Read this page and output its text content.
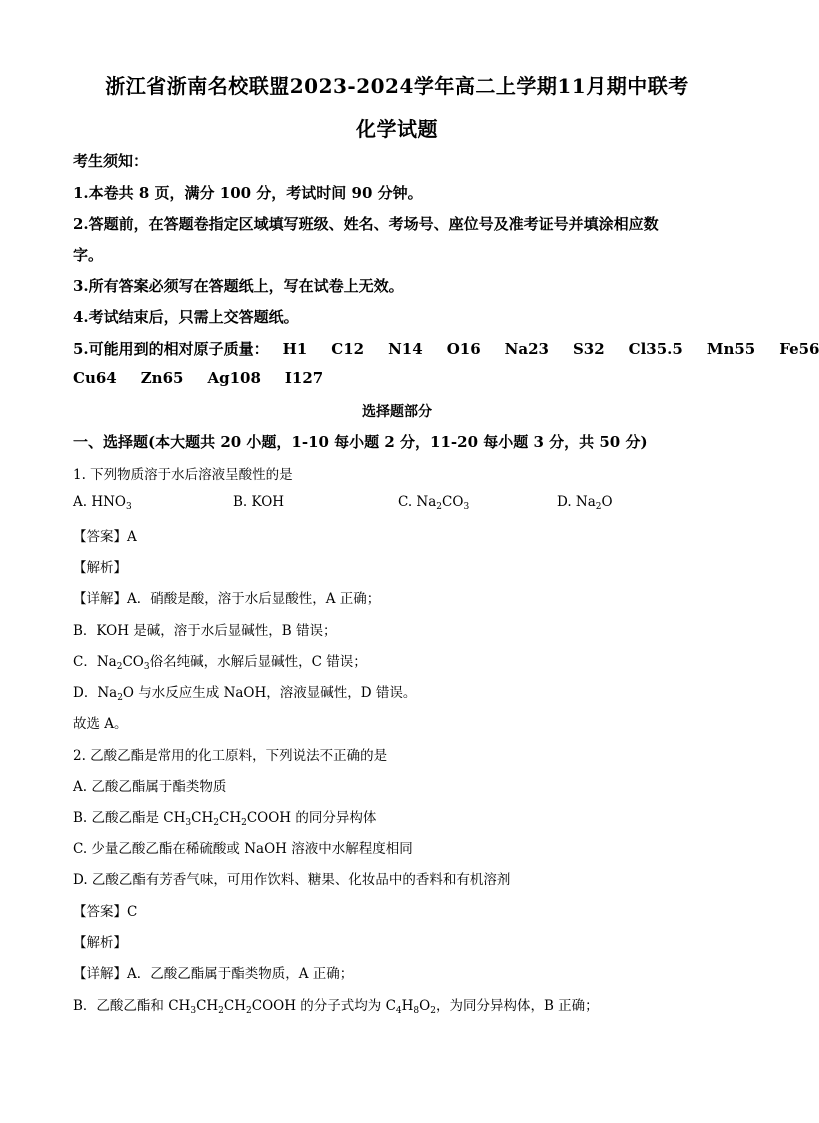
浙江省浙南名校联盟2023-2024学年高二上学期11月期中联考
化学试题
考生须知：
1.本卷共 8 页，满分 100 分，考试时间 90 分钟。
2.答题前，在答题卷指定区域填写班级、姓名、考场号、座位号及准考证号并填涂相应数
字。
3.所有答案必须写在答题纸上，写在试卷上无效。
4.考试结束后，只需上交答题纸。
5.可能用到的相对原子质量： H1 C12 N14 O16 Na23 S32 Cl35.5 Mn55 Fe56
Cu64 Zn65 Ag108 I127
选择题部分
一、选择题(本大题共 20 小题，1-10 每小题 2 分，11-20 每小题 3 分，共 50 分)
1. 下列物质溶于水后溶液呈酸性的是
A. $HNO_3$	B. KOH	C. $Na_2CO_3$	D. $Na_2O$
【答案】A
【解析】
【详解】A．硝酸是酸，溶于水后显酸性，A 正确；
B．KOH 是碱，溶于水后显碱性，B 错误；
C．$Na_2CO_3$俗名纯碱，水解后显碱性，C 错误；
D．$Na_2O$ 与水反应生成 NaOH，溶液显碱性，D 错误。
故选 A。
2. 乙酸乙酯是常用的化工原料，下列说法不正确的是
A. 乙酸乙酯属于酯类物质
B. 乙酸乙酯是 $CH_3CH_2CH_2COOH$ 的同分异构体
C. 少量乙酸乙酯在稀硫酸或 NaOH 溶液中水解程度相同
D. 乙酸乙酯有芳香气味，可用作饮料、糖果、化妆品中的香料和有机溶剂
【答案】C
【解析】
【详解】A．乙酸乙酯属于酯类物质，A 正确；
B．乙酸乙酯和 $CH_3CH_2CH_2COOH$ 的分子式均为 $C_4H_8O_2$，为同分异构体，B 正确；
